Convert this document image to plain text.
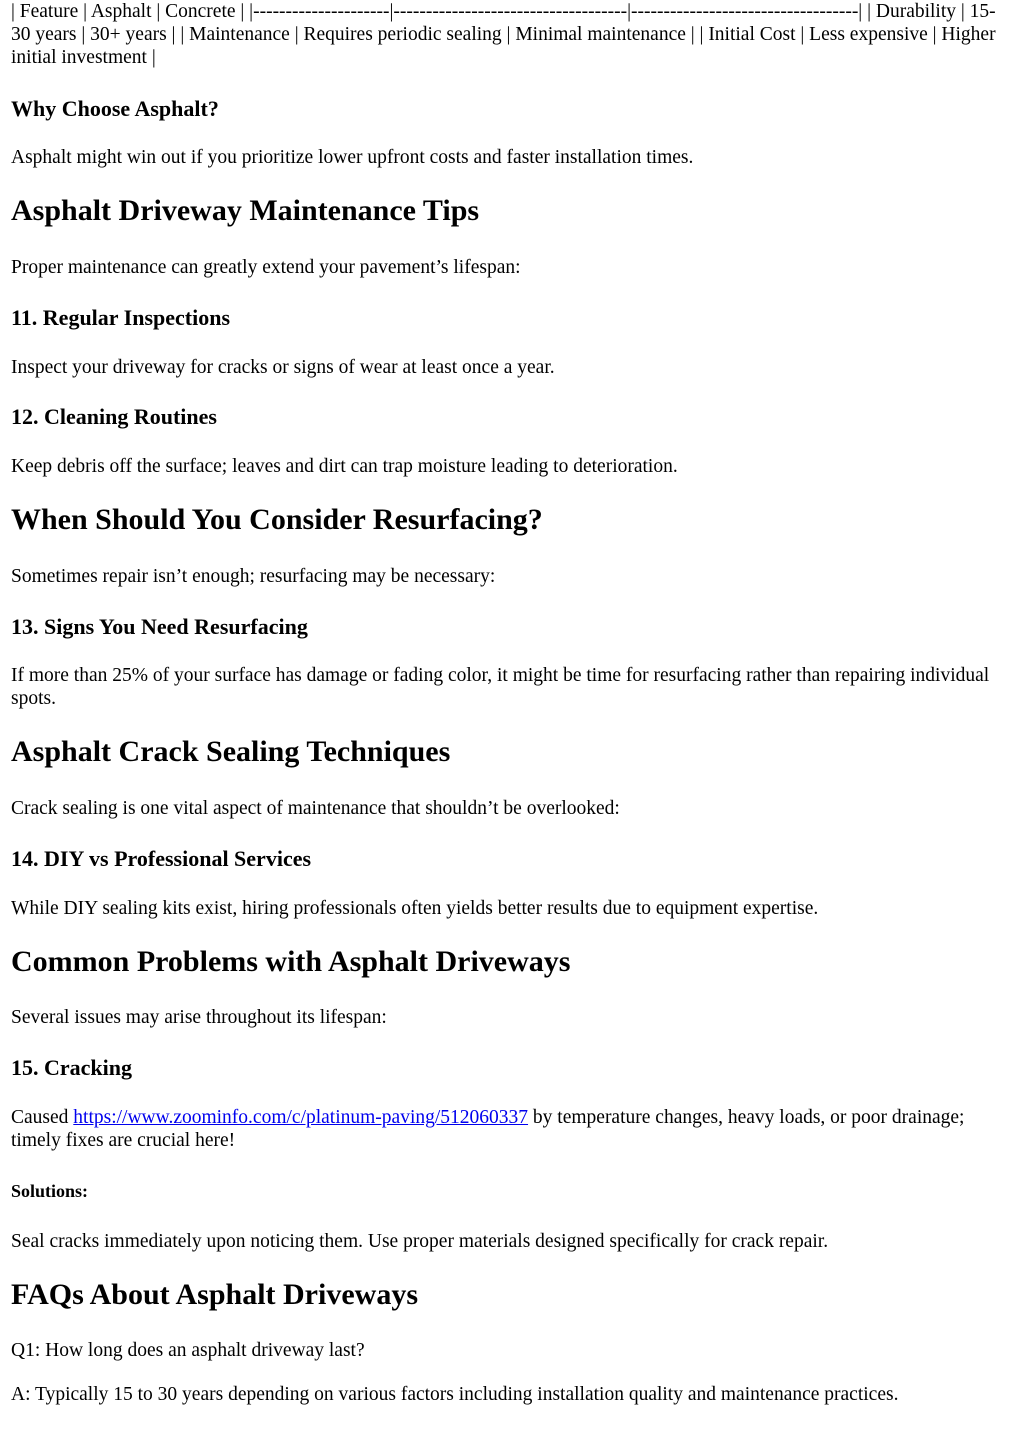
| Feature | Asphalt | Concrete | |---------------------|------------------------------------|-----------------------------------| | Durability | 15-30 years | 30+ years | | Maintenance | Requires periodic sealing | Minimal maintenance | | Initial Cost | Less expensive | Higher initial investment |

Why Choose Asphalt?

Asphalt might win out if you prioritize lower upfront costs and faster installation times.

Asphalt Driveway Maintenance Tips

Proper maintenance can greatly extend your pavement’s lifespan:

11. Regular Inspections

Inspect your driveway for cracks or signs of wear at least once a year.

12. Cleaning Routines

Keep debris off the surface; leaves and dirt can trap moisture leading to deterioration.

When Should You Consider Resurfacing?

Sometimes repair isn’t enough; resurfacing may be necessary:

13. Signs You Need Resurfacing

If more than 25% of your surface has damage or fading color, it might be time for resurfacing rather than repairing individual spots.

Asphalt Crack Sealing Techniques

Crack sealing is one vital aspect of maintenance that shouldn’t be overlooked:

14. DIY vs Professional Services

While DIY sealing kits exist, hiring professionals often yields better results due to equipment expertise.

Common Problems with Asphalt Driveways

Several issues may arise throughout its lifespan:

15. Cracking

Caused https://www.zoominfo.com/c/platinum-paving/512060337 by temperature changes, heavy loads, or poor drainage; timely fixes are crucial here!

Solutions:

Seal cracks immediately upon noticing them. Use proper materials designed specifically for crack repair.

FAQs About Asphalt Driveways

Q1: How long does an asphalt driveway last?

A: Typically 15 to 30 years depending on various factors including installation quality and maintenance practices.
